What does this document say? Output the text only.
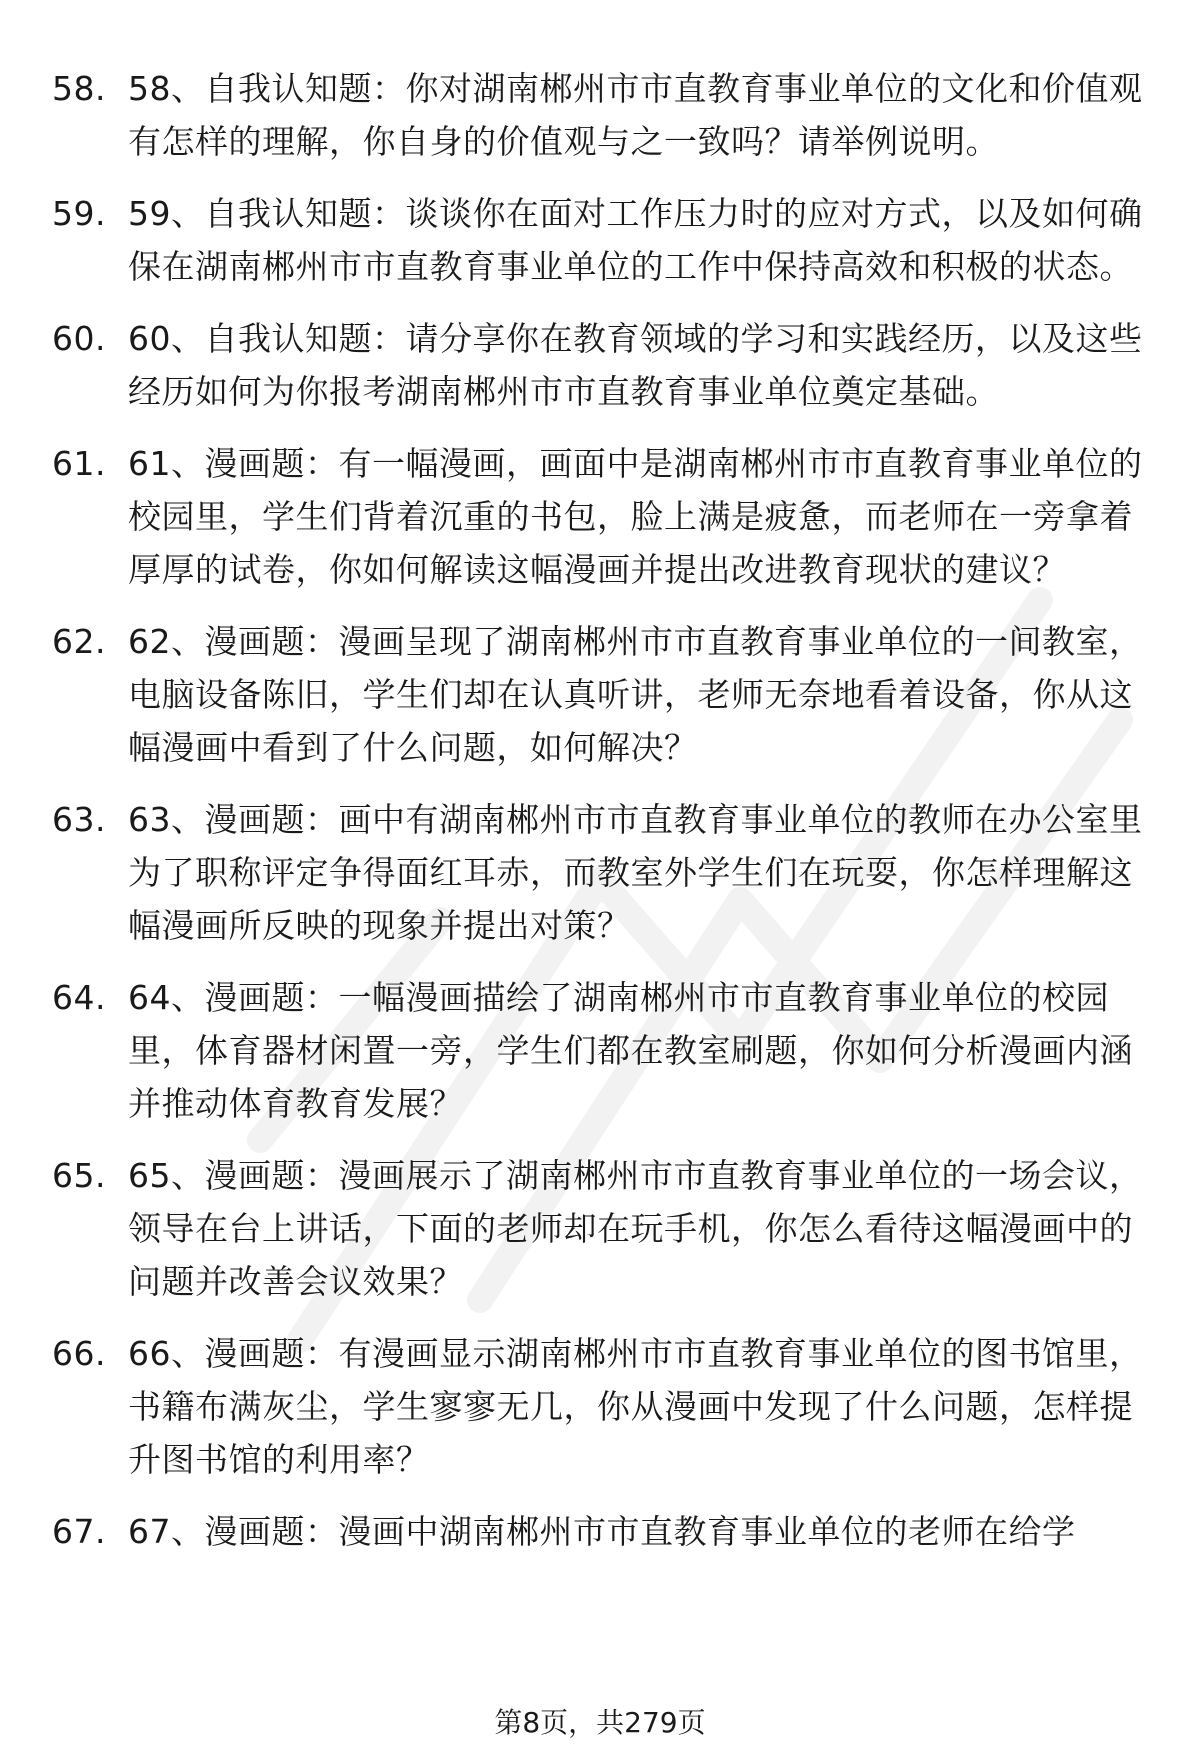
58. 58、自我认知题：你对湖南郴州市市直教育事业单位的文化和价值观有怎样的理解，你自身的价值观与之一致吗？请举例说明。
59. 59、自我认知题：谈谈你在面对工作压力时的应对方式，以及如何确保在湖南郴州市市直教育事业单位的工作中保持高效和积极的状态。
60. 60、自我认知题：请分享你在教育领域的学习和实践经历，以及这些经历如何为你报考湖南郴州市市直教育事业单位奠定基础。
61. 61、漫画题：有一幅漫画，画面中是湖南郴州市市直教育事业单位的校园里，学生们背着沉重的书包，脸上满是疲惫，而老师在一旁拿着厚厚的试卷，你如何解读这幅漫画并提出改进教育现状的建议？
62. 62、漫画题：漫画呈现了湖南郴州市市直教育事业单位的一间教室，电脑设备陈旧，学生们却在认真听讲，老师无奈地看着设备，你从这幅漫画中看到了什么问题，如何解决？
63. 63、漫画题：画中有湖南郴州市市直教育事业单位的教师在办公室里为了职称评定争得面红耳赤，而教室外学生们在玩耍，你怎样理解这幅漫画所反映的现象并提出对策？
64. 64、漫画题：一幅漫画描绘了湖南郴州市市直教育事业单位的校园里，体育器材闲置一旁，学生们都在教室刷题，你如何分析漫画内涵并推动体育教育发展？
65. 65、漫画题：漫画展示了湖南郴州市市直教育事业单位的一场会议，领导在台上讲话，下面的老师却在玩手机，你怎么看待这幅漫画中的问题并改善会议效果？
66. 66、漫画题：有漫画显示湖南郴州市市直教育事业单位的图书馆里，书籍布满灰尘，学生寥寥无几，你从漫画中发现了什么问题，怎样提升图书馆的利用率？
67. 67、漫画题：漫画中湖南郴州市市直教育事业单位的老师在给学
第8页，共279页
